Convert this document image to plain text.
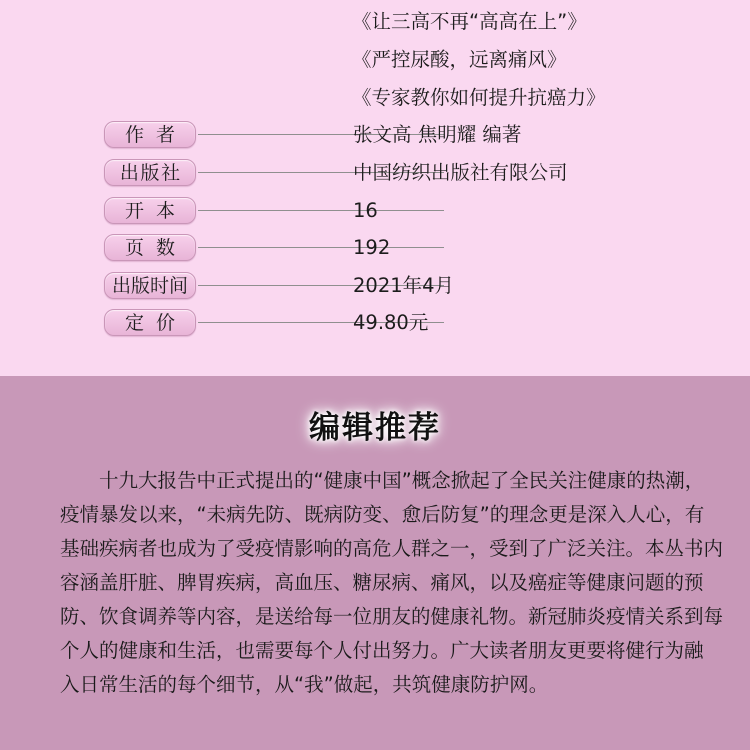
《让三高不再“高高在上”》
《严控尿酸，远离痛风》
《专家教你如何提升抗癌力》
作 者	张文高 焦明耀 编著
出 版 社	中国纺织出版社有限公司
开 本	16
页 数	192
出版时间	2021年4月
定 价	49.80元
编辑推荐

　　十九大报告中正式提出的“健康中国”概念掀起了全民关注健康的热潮，

疫情暴发以来，“未病先防、既病防变、愈后防复”的理念更是深入人心，有

基础疾病者也成为了受疫情影响的高危人群之一，受到了广泛关注。本丛书内

容涵盖肝脏、脾胃疾病，高血压、糖尿病、痛风，以及癌症等健康问题的预

防、饮食调养等内容，是送给每一位朋友的健康礼物。新冠肺炎疫情关系到每

个人的健康和生活，也需要每个人付出努力。广大读者朋友更要将健行为融

入日常生活的每个细节，从“我”做起，共筑健康防护网。
